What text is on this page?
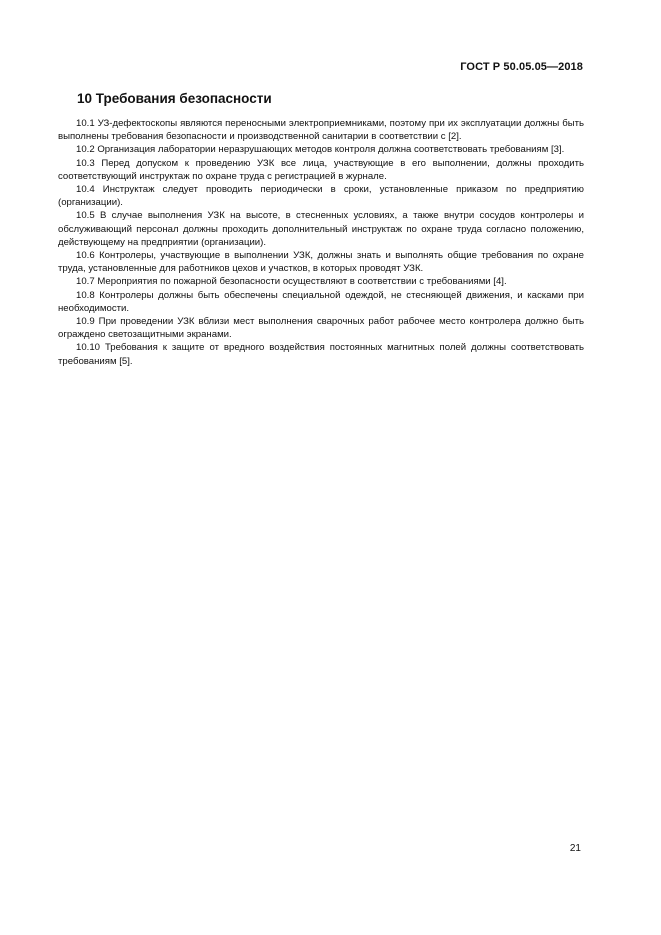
ГОСТ Р 50.05.05—2018
10 Требования безопасности

10.1 УЗ-дефектоскопы являются переносными электроприемниками, поэтому при их эксплуатации должны быть выполнены требования безопасности и производственной санитарии в соответствии с [2].

10.2 Организация лаборатории неразрушающих методов контроля должна соответствовать требованиям [3].

10.3 Перед допуском к проведению УЗК все лица, участвующие в его выполнении, должны проходить соответствующий инструктаж по охране труда с регистрацией в журнале.

10.4 Инструктаж следует проводить периодически в сроки, установленные приказом по предприятию (организации).

10.5 В случае выполнения УЗК на высоте, в стесненных условиях, а также внутри сосудов контролеры и обслуживающий персонал должны проходить дополнительный инструктаж по охране труда согласно положению, действующему на предприятии (организации).

10.6 Контролеры, участвующие в выполнении УЗК, должны знать и выполнять общие требования по охране труда, установленные для работников цехов и участков, в которых проводят УЗК.

10.7 Мероприятия по пожарной безопасности осуществляют в соответствии с требованиями [4].

10.8 Контролеры должны быть обеспечены специальной одеждой, не стесняющей движения, и касками при необходимости.

10.9 При проведении УЗК вблизи мест выполнения сварочных работ рабочее место контролера должно быть ограждено светозащитными экранами.

10.10 Требования к защите от вредного воздействия постоянных магнитных полей должны соответствовать требованиям [5].

21
